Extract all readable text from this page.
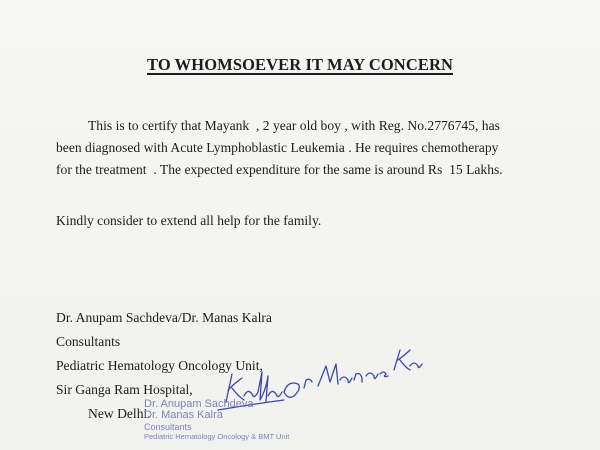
TO WHOMSOEVER IT MAY CONCERN
This is to certify that Mayank  , 2 year old boy , with Reg. No.2776745, has
been diagnosed with Acute Lymphoblastic Leukemia . He requires chemotherapy
for the treatment  . The expected expenditure for the same is around Rs  15 Lakhs.
Kindly consider to extend all help for the family.
Dr. Anupam Sachdeva/Dr. Manas Kalra
Consultants
Pediatric Hematology Oncology Unit,
Sir Ganga Ram Hospital,
New Delhi.
Dr. Anupam Sachdeva
Dr. Manas Kalra
Consultants
Pediatric Hematology Oncology & BMT Unit
